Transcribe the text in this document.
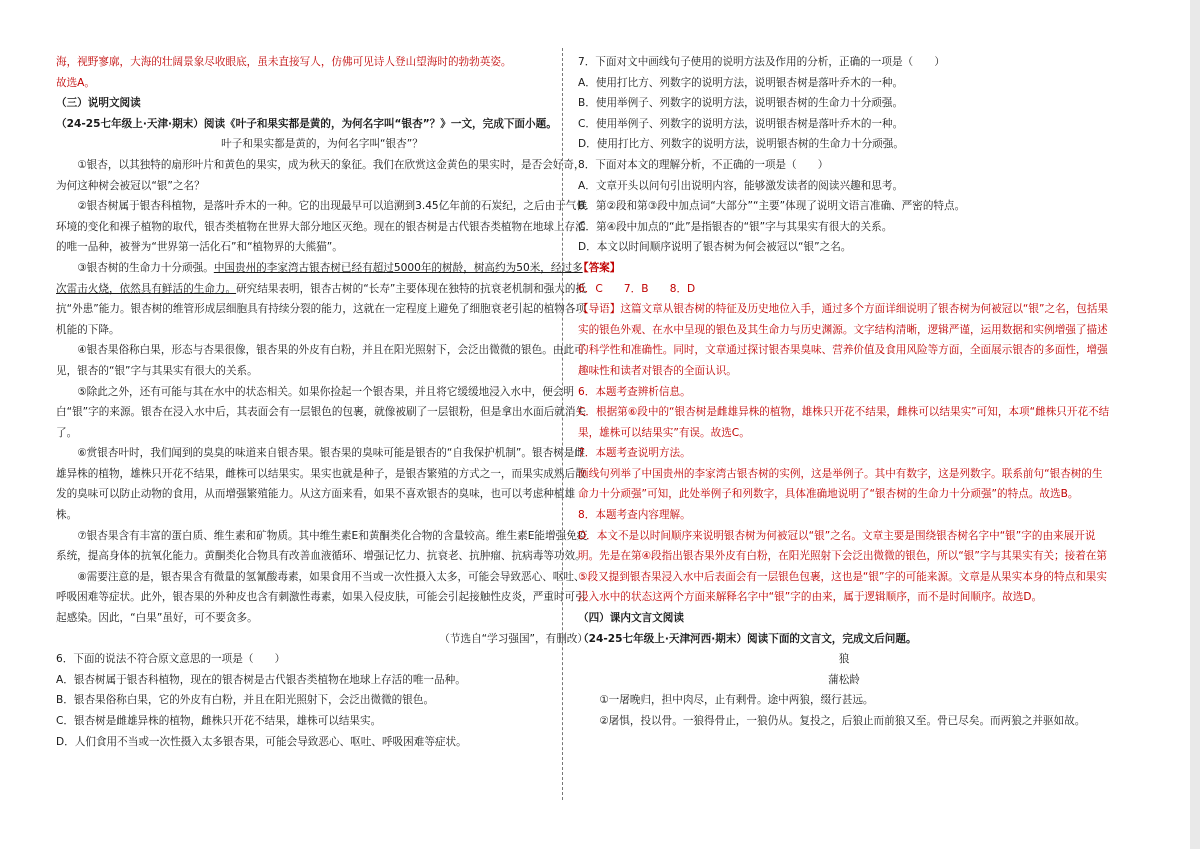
海，视野寥廓，大海的壮阔景象尽收眼底，虽未直接写人，仿佛可见诗人登山望海时的勃勃英姿。

故选A。

（三）说明文阅读

（24-25七年级上·天津·期末）阅读《叶子和果实都是黄的，为何名字叫“银杏”？》一文，完成下面小题。

叶子和果实都是黄的，为何名字叫“银杏”？

①银杏，以其独特的扇形叶片和黄色的果实，成为秋天的象征。我们在欣赏这金黄色的果实时，是否会好奇，为何这种树会被冠以“银”之名？

②银杏树属于银杏科植物，是落叶乔木的一种。它的出现最早可以追溯到3.45亿年前的石炭纪，之后由于气候环境的变化和裸子植物的取代，银杏类植物在世界大部分地区灭绝。现在的银杏树是古代银杏类植物在地球上存活的唯一品种，被誉为“世界第一活化石”和“植物界的大熊猫”。

③银杏树的生命力十分顽强。中国贵州的李家湾古银杏树已经有超过5000年的树龄，树高约为50米，经过多次雷击火烧，依然具有鲜活的生命力。研究结果表明，银杏古树的“长寿”主要体现在独特的抗衰老机制和强大的抵抗“外患”能力。银杏树的维管形成层细胞具有持续分裂的能力，这就在一定程度上避免了细胞衰老引起的植物各项机能的下降。

④银杏果俗称白果，形态与杏果很像，银杏果的外皮有白粉，并且在阳光照射下，会泛出微微的银色。由此可见，银杏的“银”字与其果实有很大的关系。

⑤除此之外，还有可能与其在水中的状态相关。如果你捡起一个银杏果，并且将它缓缓地浸入水中，便会明白“银”字的来源。银杏在浸入水中后，其表面会有一层银色的包裹，就像被刷了一层银粉，但是拿出水面后就消失了。

⑥赏银杏叶时，我们闻到的臭臭的味道来自银杏果。银杏果的臭味可能是银杏的“自我保护机制”。银杏树是雌雄异株的植物，雄株只开花不结果，雌株可以结果实。果实也就是种子，是银杏繁殖的方式之一，而果实成熟后散发的臭味可以防止动物的食用，从而增强繁殖能力。从这方面来看，如果不喜欢银杏的臭味，也可以考虑种植雄株。

⑦银杏果含有丰富的蛋白质、维生素和矿物质。其中维生素E和黄酮类化合物的含量较高。维生素E能增强免疫系统，提高身体的抗氧化能力。黄酮类化合物具有改善血液循环、增强记忆力、抗衰老、抗肿瘤、抗病毒等功效。

⑧需要注意的是，银杏果含有微量的氢氰酸毒素，如果食用不当或一次性摄入太多，可能会导致恶心、呕吐、呼吸困难等症状。此外，银杏果的外种皮也含有刺激性毒素，如果入侵皮肤，可能会引起接触性皮炎，严重时可引起感染。因此，“白果”虽好，可不要贪多。

（节选自“学习强国”，有删改）

6．下面的说法不符合原文意思的一项是（　　）

A．银杏树属于银杏科植物，现在的银杏树是古代银杏类植物在地球上存活的唯一品种。

B．银杏果俗称白果，它的外皮有白粉，并且在阳光照射下，会泛出微微的银色。

C．银杏树是雌雄异株的植物，雌株只开花不结果，雄株可以结果实。

D．人们食用不当或一次性摄入太多银杏果，可能会导致恶心、呕吐、呼吸困难等症状。

7．下面对文中画线句子使用的说明方法及作用的分析，正确的一项是（　　）

A．使用打比方、列数字的说明方法，说明银杏树是落叶乔木的一种。

B．使用举例子、列数字的说明方法，说明银杏树的生命力十分顽强。

C．使用举例子、列数字的说明方法，说明银杏树是落叶乔木的一种。

D．使用打比方、列数字的说明方法，说明银杏树的生命力十分顽强。

8．下面对本文的理解分析，不正确的一项是（　　）

A．文章开头以问句引出说明内容，能够激发读者的阅读兴趣和思考。

B．第②段和第③段中加点词“大部分”“主要”体现了说明文语言准确、严密的特点。

C．第④段中加点的“此”是指银杏的“银”字与其果实有很大的关系。

D．本文以时间顺序说明了银杏树为何会被冠以“银”之名。

【答案】

6．C　　7．B　　8．D

【导语】这篇文章从银杏树的特征及历史地位入手，通过多个方面详细说明了银杏树为何被冠以“银”之名，包括果实的银色外观、在水中呈现的银色及其生命力与历史渊源。文字结构清晰，逻辑严谨，运用数据和实例增强了描述的科学性和准确性。同时，文章通过探讨银杏果臭味、营养价值及食用风险等方面，全面展示银杏的多面性，增强趣味性和读者对银杏的全面认识。

6．本题考查辨析信息。

C．根据第⑥段中的“银杏树是雌雄异株的植物，雄株只开花不结果，雌株可以结果实”可知，本项“雌株只开花不结果，雄株可以结果实”有误。故选C。

7．本题考查说明方法。

画线句列举了中国贵州的李家湾古银杏树的实例，这是举例子。其中有数字，这是列数字。联系前句“银杏树的生命力十分顽强”可知，此处举例子和列数字，具体准确地说明了“银杏树的生命力十分顽强”的特点。故选B。

8．本题考查内容理解。

D．本文不是以时间顺序来说明银杏树为何被冠以“银”之名。文章主要是围绕银杏树名字中“银”字的由来展开说明。先是在第④段指出银杏果外皮有白粉，在阳光照射下会泛出微微的银色，所以“银”字与其果实有关；接着在第⑤段又提到银杏果浸入水中后表面会有一层银色包裹，这也是“银”字的可能来源。文章是从果实本身的特点和果实浸入水中的状态这两个方面来解释名字中“银”字的由来，属于逻辑顺序，而不是时间顺序。故选D。

（四）课内文言文阅读

（24-25七年级上·天津河西·期末）阅读下面的文言文，完成文后问题。

狼

蒲松龄

①一屠晚归，担中肉尽，止有剩骨。途中两狼，缀行甚远。

②屠惧，投以骨。一狼得骨止，一狼仍从。复投之，后狼止而前狼又至。骨已尽矣。而两狼之并驱如故。
